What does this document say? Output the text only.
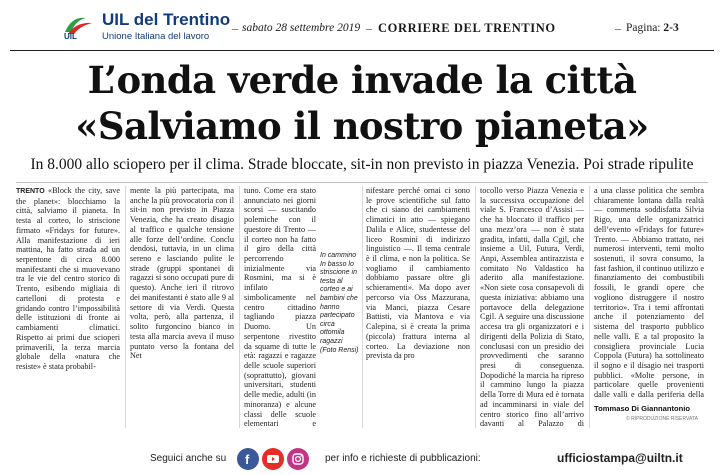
UIL
UIL del Trentino
Unione Italiana del lavoro
– sabato 28 settembre 2019 – CORRIERE DEL TRENTINO	– Pagina: 2-3
L’onda verde invade la città
«Salviamo il nostro pianeta»
In 8.000 allo sciopero per il clima. Strade bloccate, sit-in non previsto in piazza Venezia. Poi strade ripulite
TRENTO «Block the city, save the planet»: blocchiamo la città, salviamo il pianeta. In testa al corteo, lo striscione firmato «Fridays for future». Alla manifestazione di ieri mattina, ha fatto strada ad un serpentone di circa 8.000 manifestanti che si muovevano tra le vie del centro storico di Trento, esibendo migliaia di cartelloni di protesta e gridando contro l’impossibilità delle istituzioni di fronte ai cambiamenti climatici. Rispetto ai primi due scioperi primaverili, la terza marcia globale della «natura che resiste» è stata probabil-
mente la più partecipata, ma anche la più provocatoria con il sit-in non previsto in Piazza Venezia, che ha creato disagio al traffico e qualche tensione alle forze dell’ordine. Conclu dendosi, tuttavia, in un clima sereno e lasciando pulite le strade (gruppi spontanei di ragazzi si sono occupati pure di questo). Anche ieri il ritrovo dei manifestanti è stato alle 9 al settore di via Verdi. Questa volta, però, alla partenza, il solito furgoncino bianco in testa alla marcia aveva il muso puntato verso la fontana del Net
tuno. Come era stato annunciato nei giorni scorsi — suscitando polemiche con il questore di Trento — il corteo non ha fatto il giro della città percorrendo inizialmente via Rosmini, ma si è infilato simbolicamente nel centro cittadino tagliando piazza Duomo. Un serpentone rivestito da squame di tutte le età: ragazzi e ragazze delle scuole superiori (soprattutto), giovani universitari, studenti delle medie, adulti (in minoranza) e alcune classi delle scuole elementari e
In cammino In basso lo striscione in testa al corteo e ai bambini che hanno partecipato circa ottomila ragazzi (Foto Rensi)
nifestare perché ornai ci sono le prove scientifiche sul fatto che ci siano dei cambiamenti climatici in atto — spiegano Dalila e Alice, studentesse del liceo Rosmini di indirizzo linguistico —. Il tema centrale è il clima, e non la politica. Se vogliamo il cambiamento dobbiamo passare oltre gli schieramenti». Ma dopo aver percorso via Oss Mazzurana, via Manci, piazza Cesare Battisti, via Mantova e via Calepina, si è creata la prima (piccola) frattura interna al corteo. La deviazione non prevista da pro
tocollo verso Piazza Venezia e la successiva occupazione del viale S. Francesco d’Assisi — che ha bloccato il traffico per una mezz’ora — non è stata gradita, infatti, dalla Cgil, che insieme a Uil, Futura, Verdi, Anpi, Assemblea antirazzista e comitato No Valdastico ha aderito alla manifestazione. «Non siete cosa consapevoli di questa iniziativa: abbiamo una portavoce della delegazione Cgil. A seguire una discussione accesa tra gli organizzatori e i dirigenti della Polizia di Stato, conclusasi con un presidio dei provvedimenti che saranno presi di conseguenza. Dopodiché la marcia ha ripreso il cammino lungo la piazza della Torre di Mura ed è tornata ad incamminarsi in viale del centro storico fino all’arrivo davanti al Palazzo di
a una classe politica che sembra chiaramente lontana dalla realtà — commenta soddisfatta Silvia Rigo, una delle organizzatrici dell’evento «Fridays for future» Trento. — Abbiamo trattato, nei numerosi interventi, temi molto sostenuti, il sovra consumo, la fast fashion, il continuo utilizzo e finanziamento dei combustibili fossili, le grandi opere che vogliono distruggere il nostro territorio». Tra i temi affrontati anche il potenziamento del sistema del trasporto pubblico nelle valli. E a tal proposito la consigliera provinciale Lucia Coppola (Futura) ha sottolineato il sogno e il disagio nei trasporti pubblici. «Molte persone, in particolare quelle provenienti dalle valli e dalla periferia della
Tommaso Di Giannantonio
© RIPRODUZIONE RISERVATA
Seguici anche su f	per info e richieste di pubblicazioni:	ufficiostampa@uiltn.it
